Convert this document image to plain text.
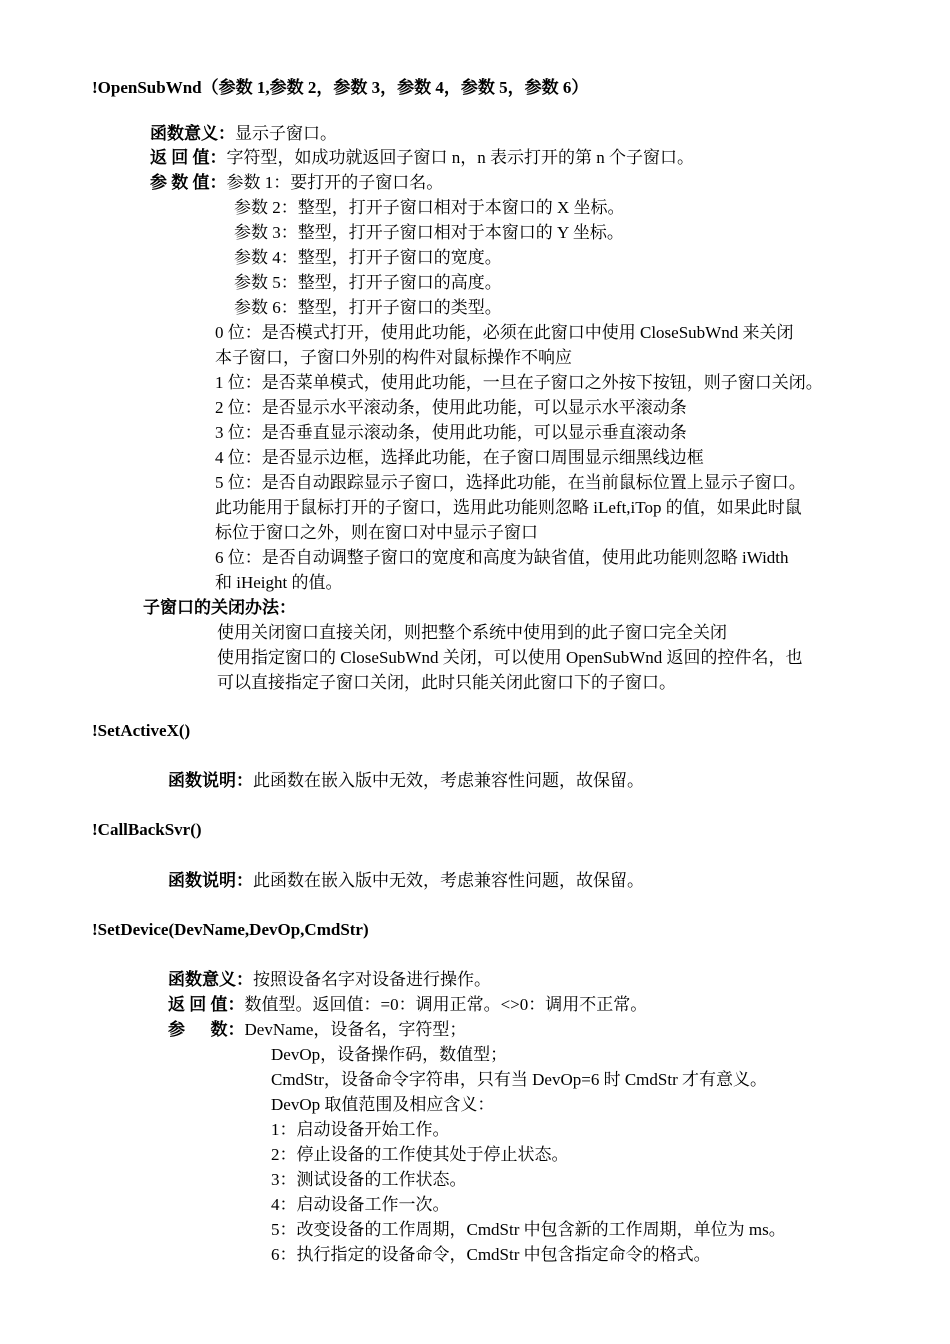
!OpenSubWnd（参数 1,参数 2，参数 3，参数 4，参数 5，参数 6）
函数意义：显示子窗口。
返 回 值：字符型，如成功就返回子窗口 n，n 表示打开的第 n 个子窗口。
参 数 值：参数 1：要打开的子窗口名。
参数 2：整型，打开子窗口相对于本窗口的 X 坐标。
参数 3：整型，打开子窗口相对于本窗口的 Y 坐标。
参数 4：整型，打开子窗口的宽度。
参数 5：整型，打开子窗口的高度。
参数 6：整型，打开子窗口的类型。
0 位：是否模式打开，使用此功能，必须在此窗口中使用 CloseSubWnd 来关闭
本子窗口，子窗口外别的构件对鼠标操作不响应
1 位：是否菜单模式，使用此功能，一旦在子窗口之外按下按钮，则子窗口关闭。
2 位：是否显示水平滚动条，使用此功能，可以显示水平滚动条
3 位：是否垂直显示滚动条，使用此功能，可以显示垂直滚动条
4 位：是否显示边框，选择此功能，在子窗口周围显示细黑线边框
5 位：是否自动跟踪显示子窗口，选择此功能，在当前鼠标位置上显示子窗口。
此功能用于鼠标打开的子窗口，选用此功能则忽略 iLeft,iTop 的值，如果此时鼠
标位于窗口之外，则在窗口对中显示子窗口
6 位：是否自动调整子窗口的宽度和高度为缺省值，使用此功能则忽略 iWidth
和 iHeight 的值。
子窗口的关闭办法：
使用关闭窗口直接关闭，则把整个系统中使用到的此子窗口完全关闭
使用指定窗口的 CloseSubWnd 关闭，可以使用 OpenSubWnd 返回的控件名，也
可以直接指定子窗口关闭，此时只能关闭此窗口下的子窗口。
!SetActiveX()
函数说明：此函数在嵌入版中无效，考虑兼容性问题，故保留。
!CallBackSvr()
函数说明：此函数在嵌入版中无效，考虑兼容性问题，故保留。
!SetDevice(DevName,DevOp,CmdStr)
函数意义：按照设备名字对设备进行操作。
返 回 值：数值型。返回值：=0：调用正常。<>0：调用不正常。
参      数：DevName，设备名，字符型；
DevOp，设备操作码，数值型；
CmdStr，设备命令字符串，只有当 DevOp=6 时 CmdStr 才有意义。
DevOp 取值范围及相应含义：
1：启动设备开始工作。
2：停止设备的工作使其处于停止状态。
3：测试设备的工作状态。
4：启动设备工作一次。
5：改变设备的工作周期，CmdStr 中包含新的工作周期，单位为 ms。
6：执行指定的设备命令，CmdStr 中包含指定命令的格式。
